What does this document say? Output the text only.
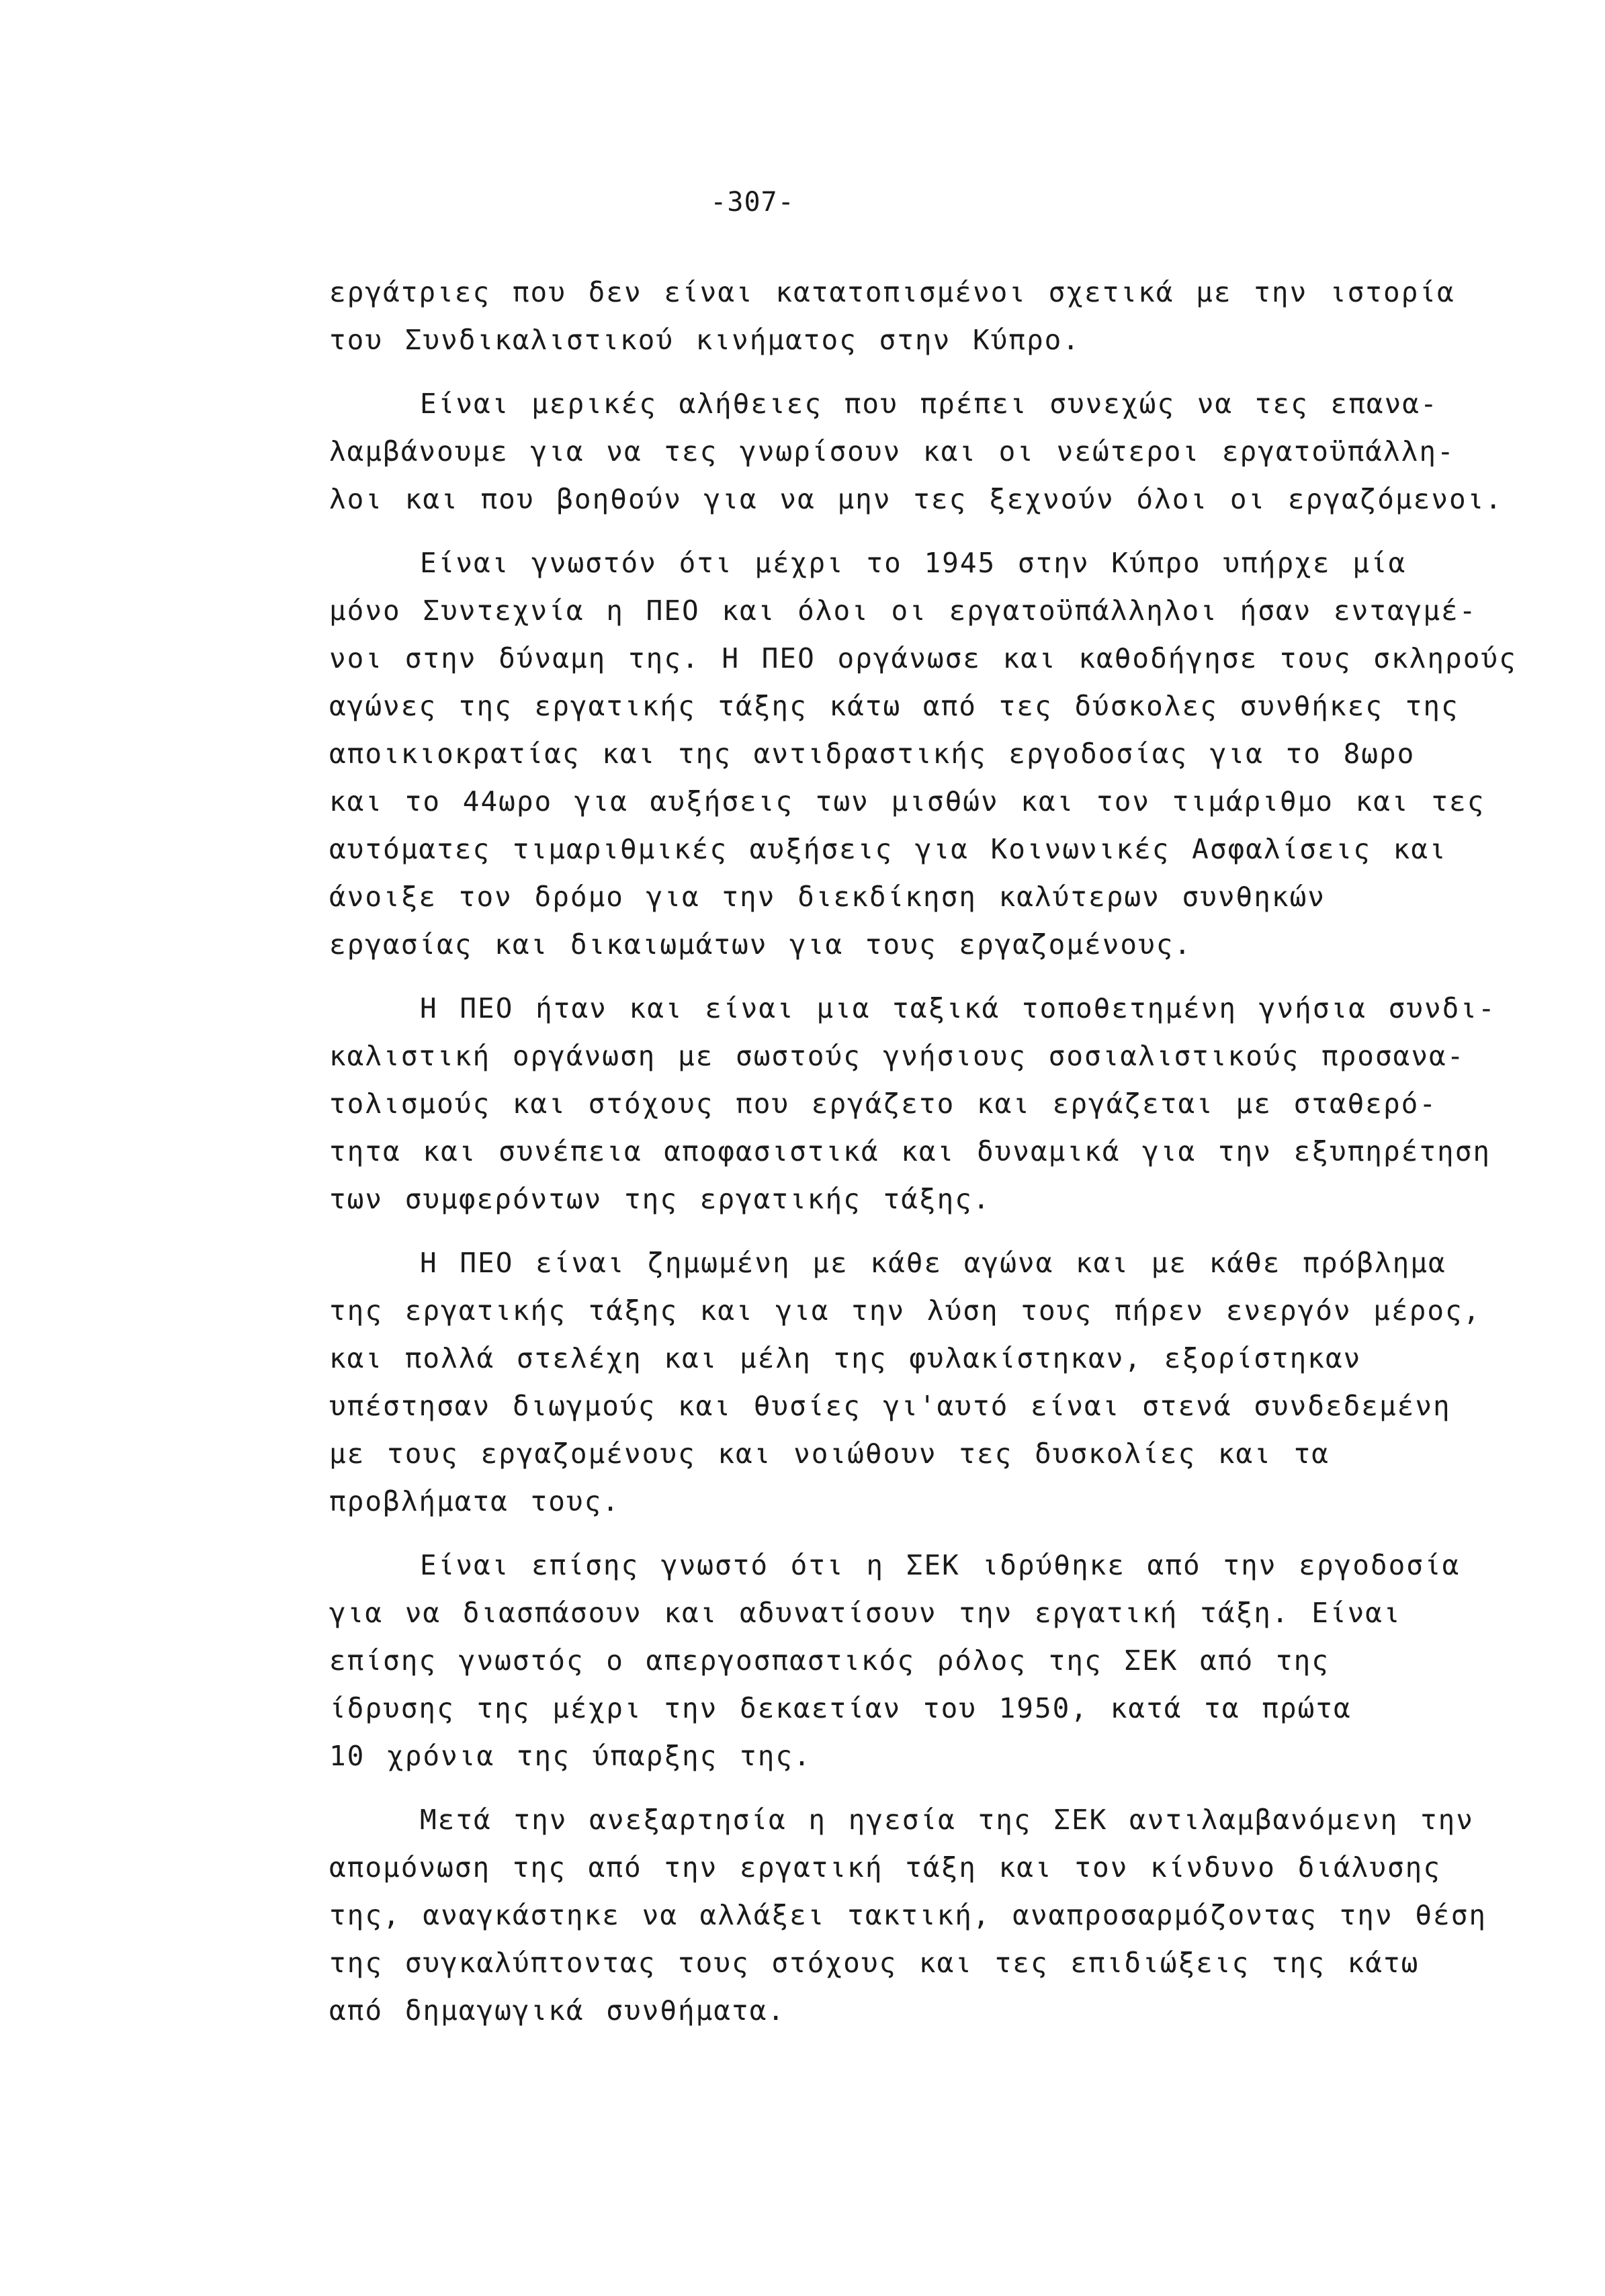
-307-
εργάτριες που δεν είναι κατατοπισμένοι σχετικά με την ιστορία
του Συνδικαλιστικού κινήματος στην Κύπρο.
Είναι μερικές αλήθειες που πρέπει συνεχώς να τες επανα-
λαμβάνουμε για να τες γνωρίσουν και οι νεώτεροι εργατοϋπάλλη-
λοι και που βοηθούν για να μην τες ξεχνούν όλοι οι εργαζόμενοι.
Είναι γνωστόν ότι μέχρι το 1945 στην Κύπρο υπήρχε μία
μόνο Συντεχνία η ΠΕΟ και όλοι οι εργατοϋπάλληλοι ήσαν ενταγμέ-
νοι στην δύναμη της. Η ΠΕΟ οργάνωσε και καθοδήγησε τους σκληρούς
αγώνες της εργατικής τάξης κάτω από τες δύσκολες συνθήκες της
αποικιοκρατίας και της αντιδραστικής εργοδοσίας για το 8ωρο
και το 44ωρο για αυξήσεις των μισθών και τον τιμάριθμο και τες
αυτόματες τιμαριθμικές αυξήσεις για Κοινωνικές Ασφαλίσεις και
άνοιξε τον δρόμο για την διεκδίκηση καλύτερων συνθηκών
εργασίας και δικαιωμάτων για τους εργαζομένους.
Η ΠΕΟ ήταν και είναι μια ταξικά τοποθετημένη γνήσια συνδι-
καλιστική οργάνωση με σωστούς γνήσιους σοσιαλιστικούς προσανα-
τολισμούς και στόχους που εργάζετο και εργάζεται με σταθερό-
τητα και συνέπεια αποφασιστικά και δυναμικά για την εξυπηρέτηση
των συμφερόντων της εργατικής τάξης.
Η ΠΕΟ είναι ζημωμένη με κάθε αγώνα και με κάθε πρόβλημα
της εργατικής τάξης και για την λύση τους πήρεν ενεργόν μέρος,
και πολλά στελέχη και μέλη της φυλακίστηκαν, εξορίστηκαν
υπέστησαν διωγμούς και θυσίες γι'αυτό είναι στενά συνδεδεμένη
με τους εργαζομένους και νοιώθουν τες δυσκολίες και τα
προβλήματα τους.
Είναι επίσης γνωστό ότι η ΣΕΚ ιδρύθηκε από την εργοδοσία
για να διασπάσουν και αδυνατίσουν την εργατική τάξη. Είναι
επίσης γνωστός ο απεργοσπαστικός ρόλος της ΣΕΚ από της
ίδρυσης της μέχρι την δεκαετίαν του 1950, κατά τα πρώτα
10 χρόνια της ύπαρξης της.
Μετά την ανεξαρτησία η ηγεσία της ΣΕΚ αντιλαμβανόμενη την
απομόνωση της από την εργατική τάξη και τον κίνδυνο διάλυσης
της, αναγκάστηκε να αλλάξει τακτική, αναπροσαρμόζοντας την θέση
της συγκαλύπτοντας τους στόχους και τες επιδιώξεις της κάτω
από δημαγωγικά συνθήματα.
